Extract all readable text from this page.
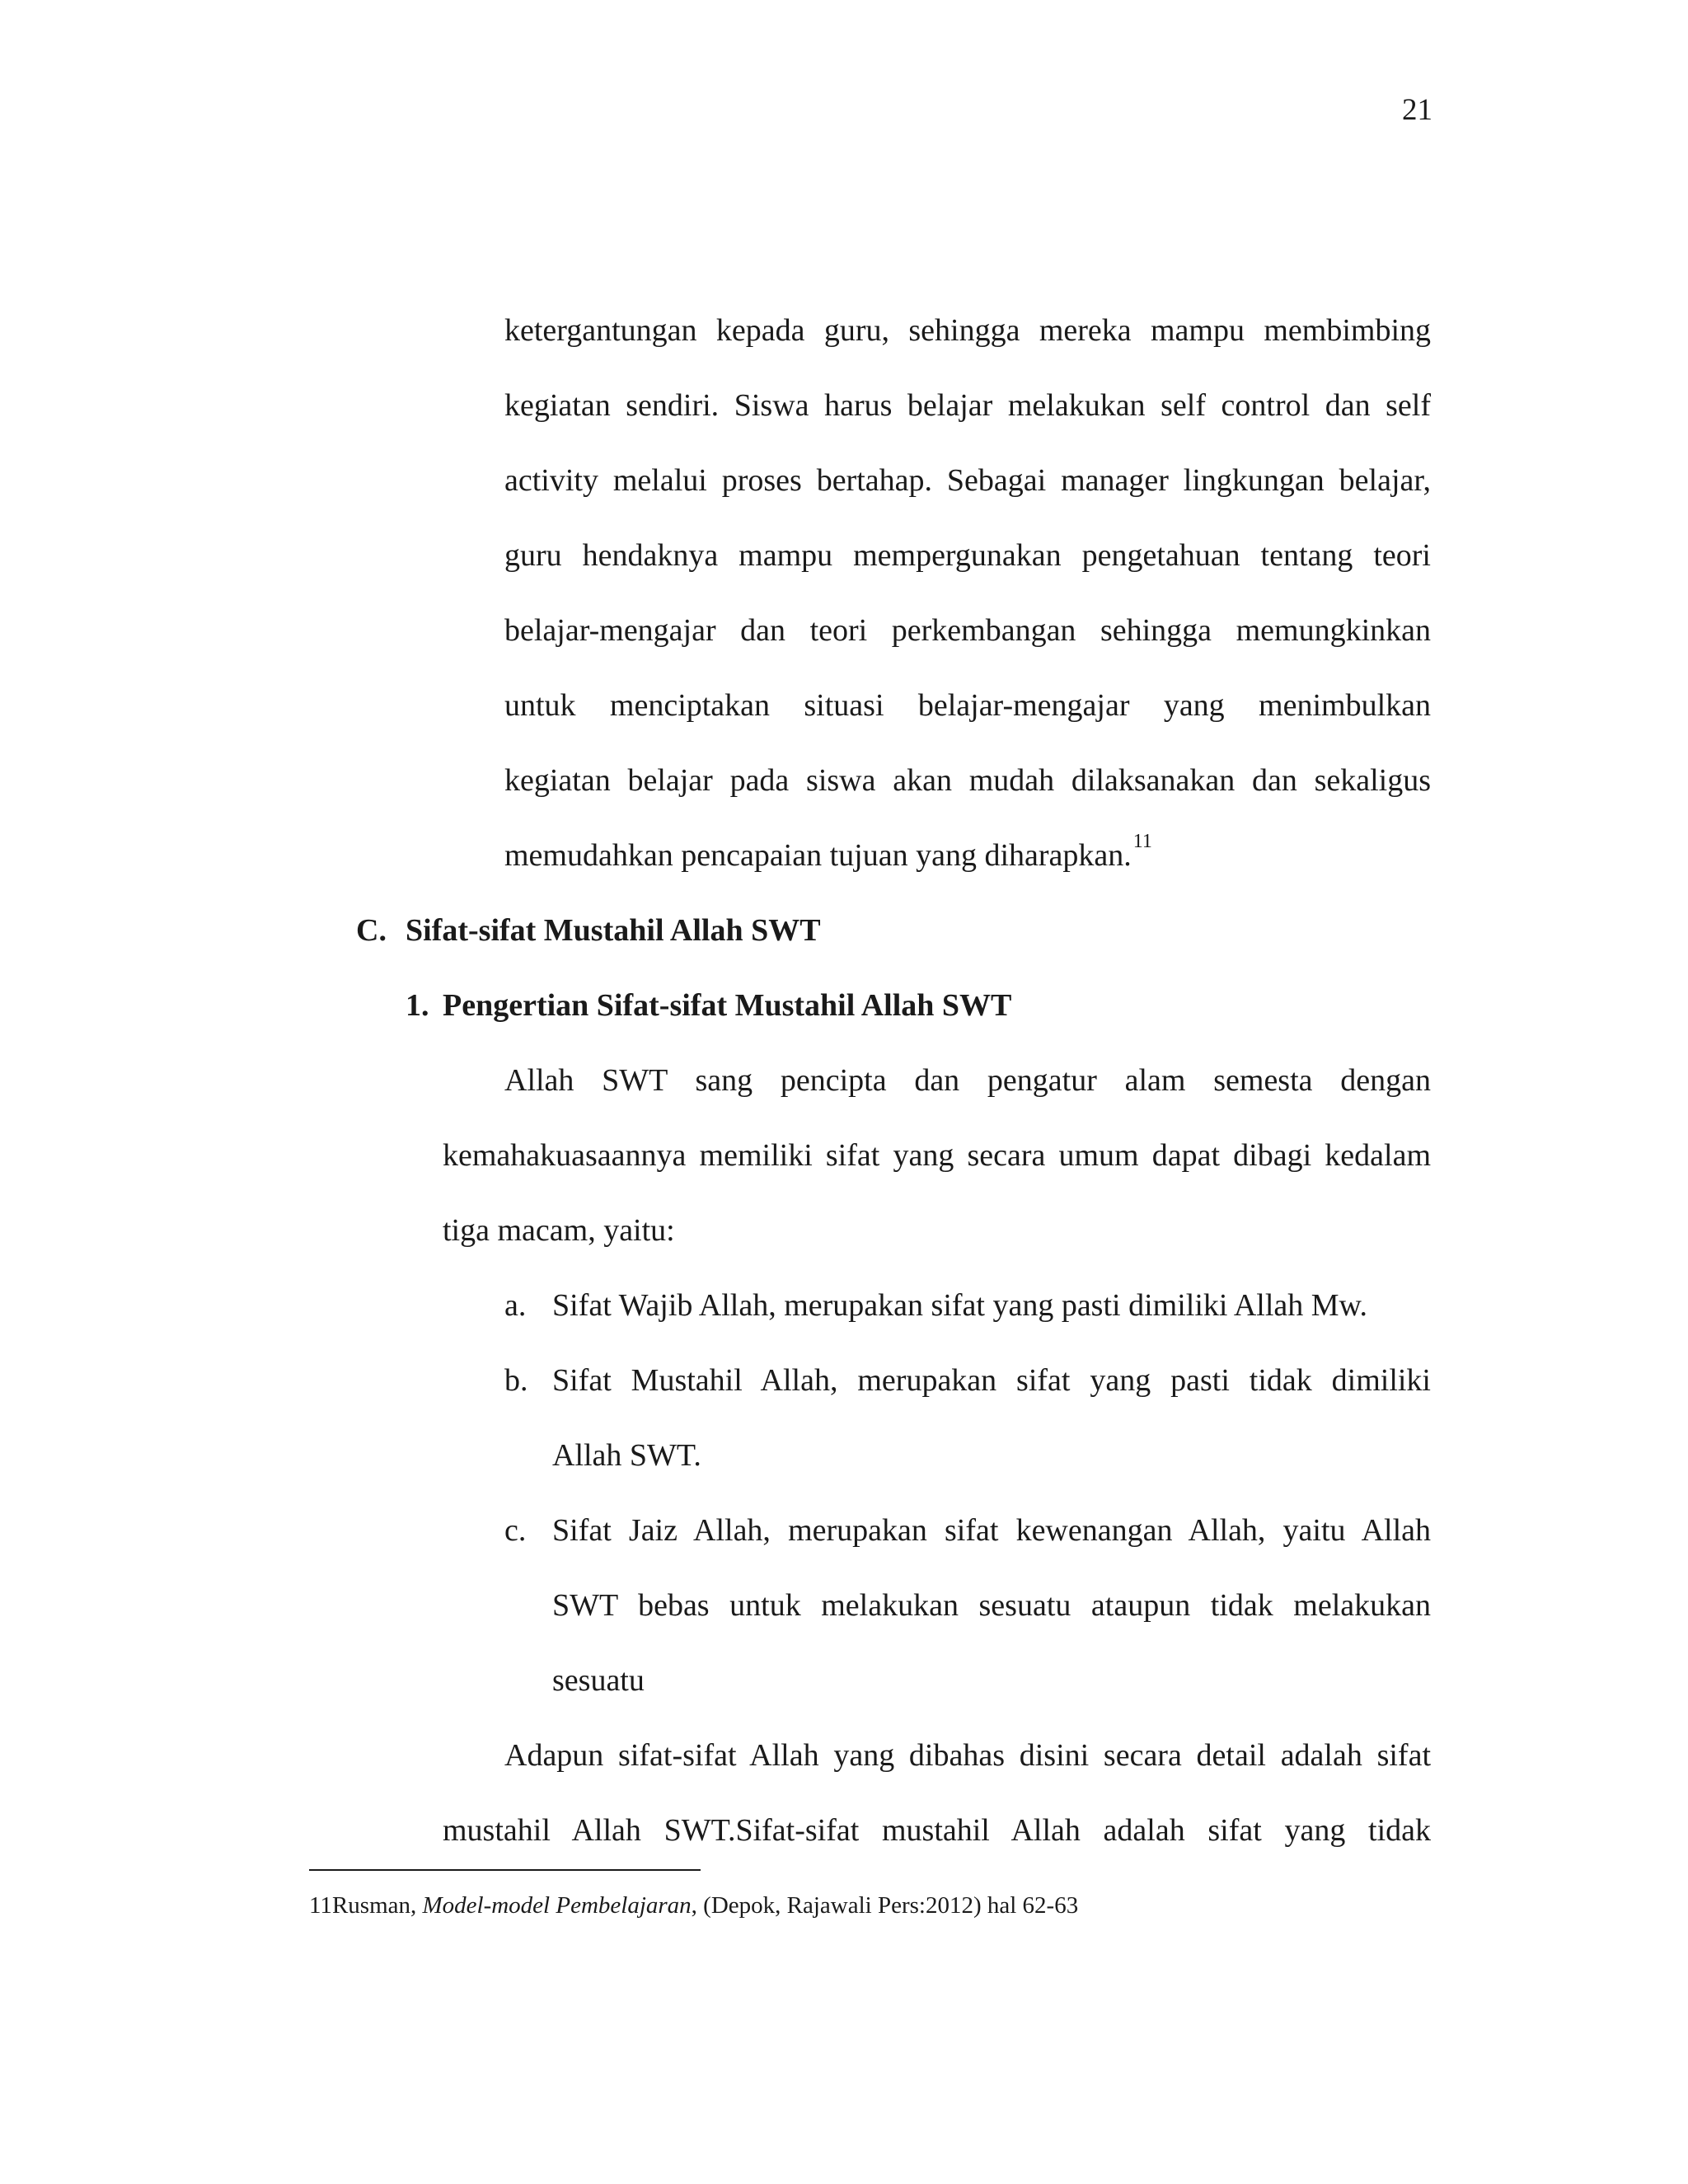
21
ketergantungan kepada guru, sehingga mereka mampu membimbing
kegiatan sendiri. Siswa harus belajar melakukan self control dan self
activity melalui proses bertahap. Sebagai manager lingkungan belajar,
guru hendaknya mampu mempergunakan pengetahuan tentang teori
belajar-mengajar dan teori perkembangan sehingga memungkinkan
untuk menciptakan situasi belajar-mengajar yang menimbulkan
kegiatan belajar pada siswa akan mudah dilaksanakan dan sekaligus
memudahkan pencapaian tujuan yang diharapkan.$^{11}$
C. Sifat-sifat Mustahil Allah SWT
1. Pengertian Sifat-sifat Mustahil Allah SWT
Allah SWT sang pencipta dan pengatur alam semesta dengan
kemahakuasaannya memiliki sifat yang secara umum dapat dibagi kedalam
tiga macam, yaitu:
a. Sifat Wajib Allah, merupakan sifat yang pasti dimiliki Allah Mw.
b. Sifat Mustahil Allah, merupakan sifat yang pasti tidak dimiliki
Allah SWT.
c. Sifat Jaiz Allah, merupakan sifat kewenangan Allah, yaitu Allah
SWT bebas untuk melakukan sesuatu ataupun tidak melakukan
sesuatu
Adapun sifat-sifat Allah yang dibahas disini secara detail adalah sifat
mustahil Allah SWT.Sifat-sifat mustahil Allah adalah sifat yang tidak
11Rusman, Model-model Pembelajaran, (Depok, Rajawali Pers:2012) hal 62-63
